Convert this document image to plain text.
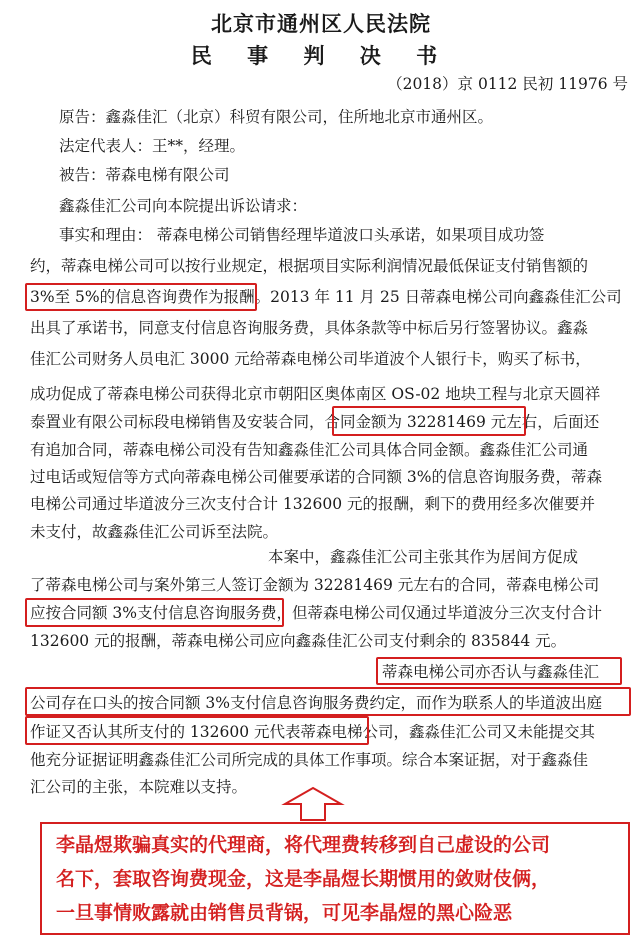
北京市通州区人民法院
民 事 判 决 书
（2018）京 0112 民初 11976 号
原告：鑫淼佳汇（北京）科贸有限公司，住所地北京市通州区。
法定代表人：王**，经理。
被告：蒂森电梯有限公司
鑫淼佳汇公司向本院提出诉讼请求：
事实和理由： 蒂森电梯公司销售经理毕道波口头承诺，如果项目成功签
约，蒂森电梯公司可以按行业规定，根据项目实际利润情况最低保证支付销售额的
3%至 5%的信息咨询费作为报酬。2013 年 11 月 25 日蒂森电梯公司向鑫淼佳汇公司
出具了承诺书，同意支付信息咨询服务费，具体条款等中标后另行签署协议。鑫淼
佳汇公司财务人员电汇 3000 元给蒂森电梯公司毕道波个人银行卡，购买了标书，
成功促成了蒂森电梯公司获得北京市朝阳区奥体南区 OS-02 地块工程与北京天圆祥
泰置业有限公司标段电梯销售及安装合同，合同金额为 32281469 元左右，后面还
有追加合同，蒂森电梯公司没有告知鑫淼佳汇公司具体合同金额。鑫淼佳汇公司通
过电话或短信等方式向蒂森电梯公司催要承诺的合同额 3%的信息咨询服务费，蒂森
电梯公司通过毕道波分三次支付合计 132600 元的报酬，剩下的费用经多次催要并
未支付，故鑫淼佳汇公司诉至法院。
本案中，鑫淼佳汇公司主张其作为居间方促成
了蒂森电梯公司与案外第三人签订金额为 32281469 元左右的合同，蒂森电梯公司
应按合同额 3%支付信息咨询服务费，但蒂森电梯公司仅通过毕道波分三次支付合计
132600 元的报酬，蒂森电梯公司应向鑫淼佳汇公司支付剩余的 835844 元。
蒂森电梯公司亦否认与鑫淼佳汇
公司存在口头的按合同额 3%支付信息咨询服务费约定，而作为联系人的毕道波出庭
作证又否认其所支付的 132600 元代表蒂森电梯公司，鑫淼佳汇公司又未能提交其
他充分证据证明鑫淼佳汇公司所完成的具体工作事项。综合本案证据，对于鑫淼佳
汇公司的主张，本院难以支持。
李晶煜欺骗真实的代理商，将代理费转移到自己虚设的公司
名下，套取咨询费现金，这是李晶煜长期惯用的敛财伎俩，
一旦事情败露就由销售员背锅，可见李晶煜的黑心险恶
